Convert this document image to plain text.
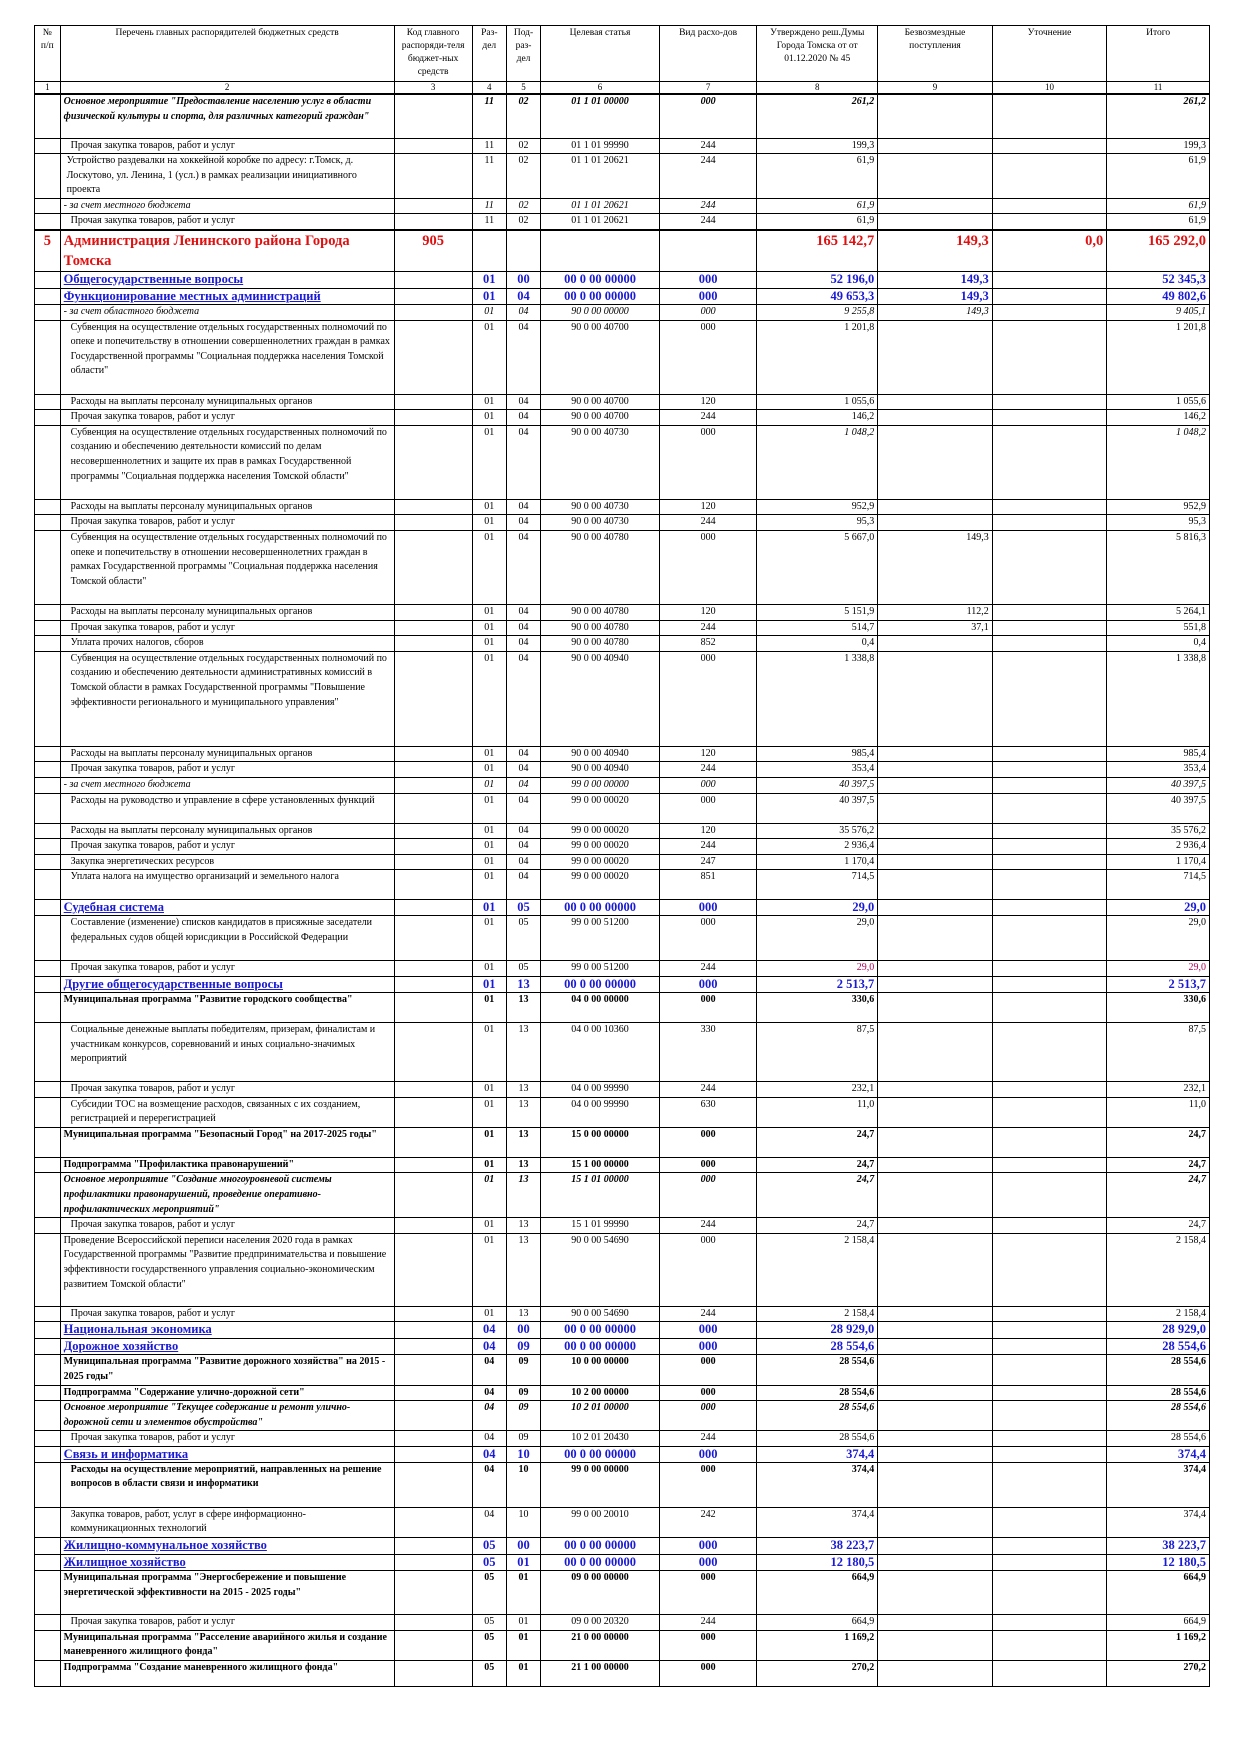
№ п/п	Перечень главных распорядителей бюджетных средств	Код главного распоряди-теля бюджет-ных средств	Раз-дел	Под-раз-дел	Целевая статья	Вид расхо-дов	Утверждено реш.Думы Города Томска от от 01.12.2020 № 45	Безвозмездные поступления	Уточнение	Итого
1	2	3	4	5	6	7	8	9	10	11
	Основное мероприятие "Предоставление населению услуг в области физической культуры и спорта, для различных категорий граждан"		11	02	01 1 01 00000	000	261,2			261,2
	Прочая закупка товаров, работ и услуг		11	02	01 1 01 99990	244	199,3			199,3
	Устройство раздевалки на хоккейной коробке по адресу: г.Томск, д. Лоскутово, ул. Ленина, 1 (усл.) в рамках реализации инициативного проекта		11	02	01 1 01 20621	244	61,9			61,9
	- за счет местного бюджета		11	02	01 1 01 20621	244	61,9			61,9
	Прочая закупка товаров, работ и услуг		11	02	01 1 01 20621	244	61,9			61,9
5	Администрация Ленинского района Города Томска	905					165 142,7	149,3	0,0	165 292,0
	Общегосударственные вопросы		01	00	00 0 00 00000	000	52 196,0	149,3		52 345,3
	Функционирование местных администраций		01	04	00 0 00 00000	000	49 653,3	149,3		49 802,6
	- за счет областного бюджета		01	04	90 0 00 00000	000	9 255,8	149,3		9 405,1
	Субвенция на осуществление отдельных государственных полномочий по опеке и попечительству в отношении совершеннолетних граждан в рамках Государственной программы "Социальная поддержка населения Томской области"		01	04	90 0 00 40700	000	1 201,8			1 201,8
	Расходы на выплаты персоналу муниципальных органов		01	04	90 0 00 40700	120	1 055,6			1 055,6
	Прочая закупка товаров, работ и услуг		01	04	90 0 00 40700	244	146,2			146,2
	Субвенция на осуществление отдельных государственных полномочий по созданию и обеспечению деятельности комиссий по делам несовершеннолетних и защите их прав в рамках Государственной программы "Социальная поддержка населения Томской области"		01	04	90 0 00 40730	000	1 048,2			1 048,2
	Расходы на выплаты персоналу муниципальных органов		01	04	90 0 00 40730	120	952,9			952,9
	Прочая закупка товаров, работ и услуг		01	04	90 0 00 40730	244	95,3			95,3
	Субвенция на осуществление отдельных государственных полномочий по опеке и попечительству в отношении несовершеннолетних граждан в рамках Государственной программы "Социальная поддержка населения Томской области"		01	04	90 0 00 40780	000	5 667,0	149,3		5 816,3
	Расходы на выплаты персоналу муниципальных органов		01	04	90 0 00 40780	120	5 151,9	112,2		5 264,1
	Прочая закупка товаров, работ и услуг		01	04	90 0 00 40780	244	514,7	37,1		551,8
	Уплата прочих налогов, сборов		01	04	90 0 00 40780	852	0,4			0,4
	Субвенция на осуществление отдельных государственных полномочий по созданию и обеспечению деятельности административных комиссий в Томской области в рамках Государственной программы "Повышение эффективности регионального и муниципального управления"		01	04	90 0 00 40940	000	1 338,8			1 338,8
	Расходы на выплаты персоналу муниципальных органов		01	04	90 0 00 40940	120	985,4			985,4
	Прочая закупка товаров, работ и услуг		01	04	90 0 00 40940	244	353,4			353,4
	- за счет местного бюджета		01	04	99 0 00 00000	000	40 397,5			40 397,5
	Расходы на руководство и управление в сфере установленных функций		01	04	99 0 00 00020	000	40 397,5			40 397,5
	Расходы на выплаты персоналу муниципальных органов		01	04	99 0 00 00020	120	35 576,2			35 576,2
	Прочая закупка товаров, работ и услуг		01	04	99 0 00 00020	244	2 936,4			2 936,4
	Закупка энергетических ресурсов		01	04	99 0 00 00020	247	1 170,4			1 170,4
	Уплата налога на имущество организаций и земельного налога		01	04	99 0 00 00020	851	714,5			714,5
	Судебная система		01	05	00 0 00 00000	000	29,0			29,0
	Составление (изменение) списков кандидатов в присяжные заседатели федеральных судов общей юрисдикции в Российской Федерации		01	05	99 0 00 51200	000	29,0			29,0
	Прочая закупка товаров, работ и услуг		01	05	99 0 00 51200	244	29,0			29,0
	Другие общегосударственные вопросы		01	13	00 0 00 00000	000	2 513,7			2 513,7
	Муниципальная программа "Развитие городского сообщества"		01	13	04 0 00 00000	000	330,6			330,6
	Социальные денежные выплаты победителям, призерам, финалистам и участникам конкурсов, соревнований и иных социально-значимых мероприятий		01	13	04 0 00 10360	330	87,5			87,5
	Прочая закупка товаров, работ и услуг		01	13	04 0 00 99990	244	232,1			232,1
	Субсидии ТОС на возмещение расходов, связанных с их созданием, регистрацией и перерегистрацией		01	13	04 0 00 99990	630	11,0			11,0
	Муниципальная программа "Безопасный Город" на 2017-2025 годы"		01	13	15 0 00 00000	000	24,7			24,7
	Подпрограмма "Профилактика правонарушений"		01	13	15 1 00 00000	000	24,7			24,7
	Основное мероприятие "Создание многоуровневой системы профилактики правонарушений, проведение оперативно-профилактических мероприятий"		01	13	15 1 01 00000	000	24,7			24,7
	Прочая закупка товаров, работ и услуг		01	13	15 1 01 99990	244	24,7			24,7
	Проведение Всероссийской переписи населения 2020 года в рамках Государственной программы "Развитие предпринимательства и повышение эффективности государственного управления социально-экономическим развитием Томской области"		01	13	90 0 00 54690	000	2 158,4			2 158,4
	Прочая закупка товаров, работ и услуг		01	13	90 0 00 54690	244	2 158,4			2 158,4
	Национальная экономика		04	00	00 0 00 00000	000	28 929,0			28 929,0
	Дорожное хозяйство		04	09	00 0 00 00000	000	28 554,6			28 554,6
	Муниципальная программа "Развитие дорожного хозяйства" на 2015 - 2025 годы"		04	09	10 0 00 00000	000	28 554,6			28 554,6
	Подпрограмма "Содержание улично-дорожной сети"		04	09	10 2 00 00000	000	28 554,6			28 554,6
	Основное мероприятие "Текущее содержание и ремонт улично-дорожной сети и элементов обустройства"		04	09	10 2 01 00000	000	28 554,6			28 554,6
	Прочая закупка товаров, работ и услуг		04	09	10 2 01 20430	244	28 554,6			28 554,6
	Связь и информатика		04	10	00 0 00 00000	000	374,4			374,4
	Расходы на осуществление мероприятий, направленных на решение вопросов в области связи и информатики		04	10	99 0 00 00000	000	374,4			374,4
	Закупка товаров, работ, услуг в сфере информационно-коммуникационных технологий		04	10	99 0 00 20010	242	374,4			374,4
	Жилищно-коммунальное хозяйство		05	00	00 0 00 00000	000	38 223,7			38 223,7
	Жилищное хозяйство		05	01	00 0 00 00000	000	12 180,5			12 180,5
	Муниципальная программа "Энергосбережение и повышение энергетической эффективности на 2015 - 2025 годы"		05	01	09 0 00 00000	000	664,9			664,9
	Прочая закупка товаров, работ и услуг		05	01	09 0 00 20320	244	664,9			664,9
	Муниципальная программа "Расселение аварийного жилья и создание маневренного жилищного фонда"		05	01	21 0 00 00000	000	1 169,2			1 169,2
	Подпрограмма "Создание маневренного жилищного фонда"		05	01	21 1 00 00000	000	270,2			270,2
